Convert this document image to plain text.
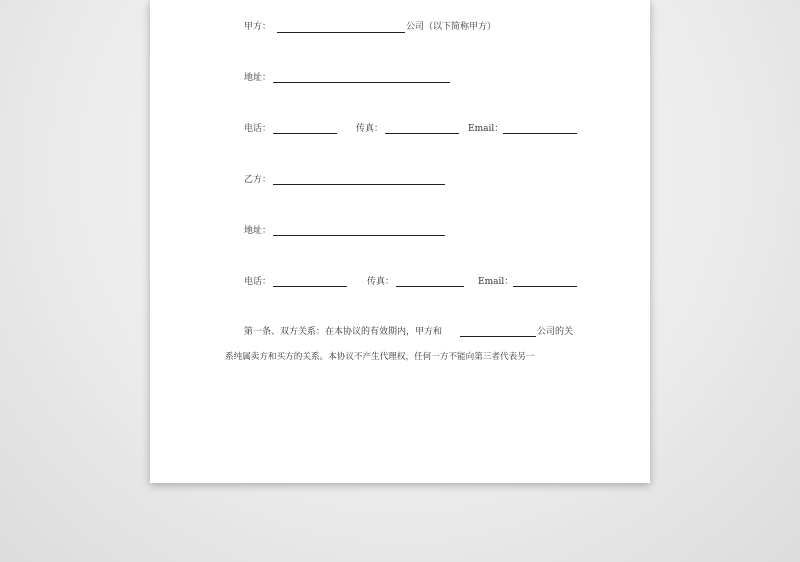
甲方：	公司（以下简称甲方）
地址：
电话：	传真：	Email：
乙方：
地址：
电话：	传真：	Email：
第一条、双方关系：在本协议的有效期内，甲方和	公司的关
系纯属卖方和买方的关系。本协议不产生代理权，任何一方不能向第三者代表另一
